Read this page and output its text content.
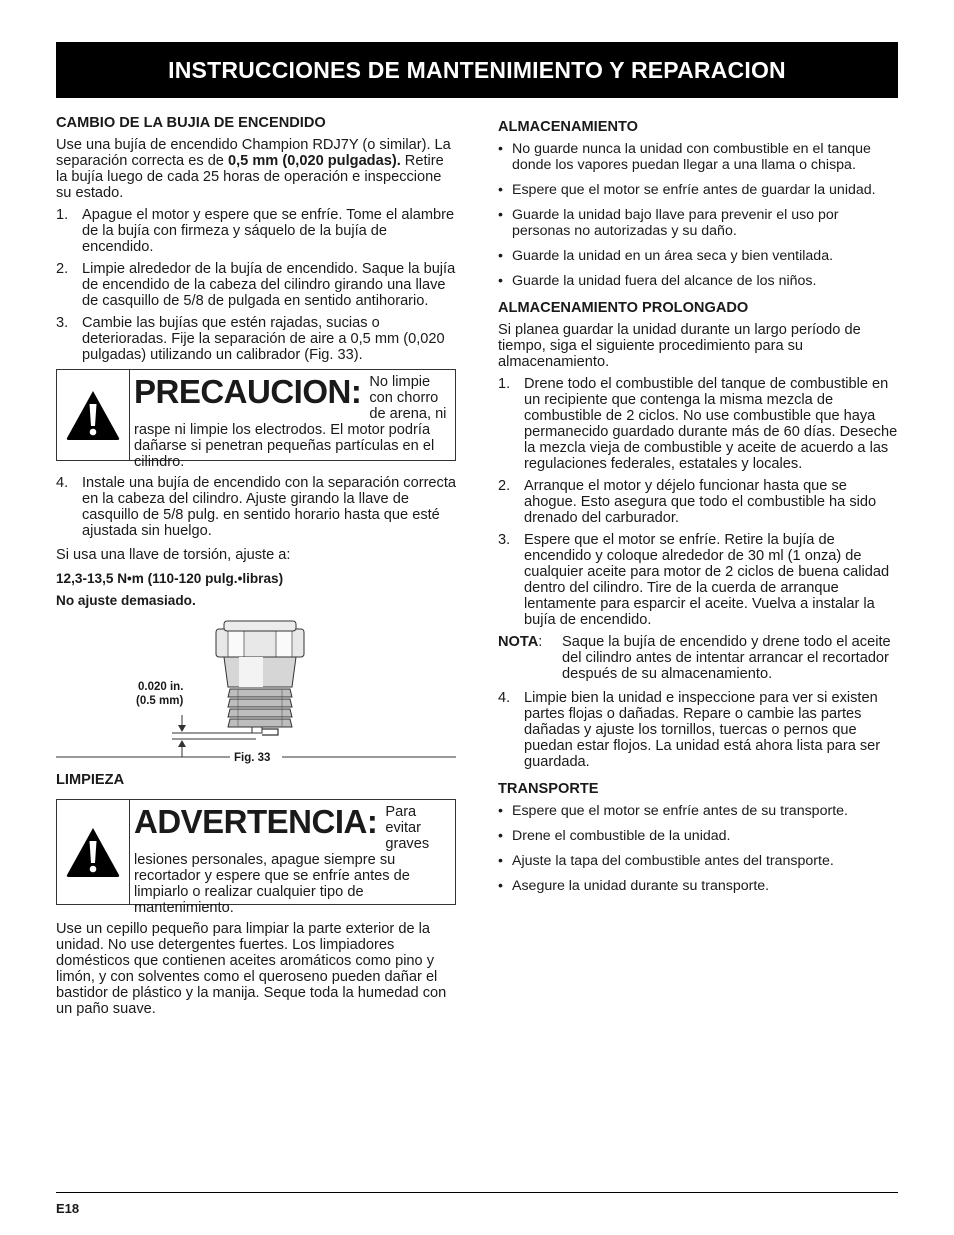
INSTRUCCIONES DE MANTENIMIENTO Y REPARACION
CAMBIO DE LA BUJIA DE ENCENDIDO

Use una bujía de encendido Champion RDJ7Y (o similar). La separación correcta es de 0,5 mm (0,020 pulgadas). Retire la bujía luego de cada 25 horas de operación e inspeccione su estado.

1. Apague el motor y espere que se enfríe. Tome el alambre de la bujía con firmeza y sáquelo de la bujía de encendido.
2. Limpie alrededor de la bujía de encendido. Saque la bujía de encendido de la cabeza del cilindro girando una llave de casquillo de 5/8 de pulgada en sentido antihorario.
3. Cambie las bujías que estén rajadas, sucias o deterioradas. Fije la separación de aire a 0,5 mm (0,020 pulgadas) utilizando un calibrador (Fig. 33).
PRECAUCION: No limpie con chorro de arena, ni raspe ni limpie los electrodos. El motor podría dañarse si penetran pequeñas partículas en el cilindro.
4. Instale una bujía de encendido con la separación correcta en la cabeza del cilindro. Ajuste girando la llave de casquillo de 5/8 pulg. en sentido horario hasta que esté ajustada sin huelgo.

Si usa una llave de torsión, ajuste a:

12,3-13,5 N•m (110-120 pulg.•libras)

No ajuste demasiado.

0.020 in.
(0.5 mm)
Fig. 33
LIMPIEZA
ADVERTENCIA: Para evitar graves lesiones personales, apague siempre su recortador y espere que se enfríe antes de limpiarlo o realizar cualquier tipo de mantenimiento.

Use un cepillo pequeño para limpiar la parte exterior de la unidad. No use detergentes fuertes. Los limpiadores domésticos que contienen aceites aromáticos como pino y limón, y con solventes como el queroseno pueden dañar el bastidor de plástico y la manija. Seque toda la humedad con un paño suave.

ALMACENAMIENTO
• No guarde nunca la unidad con combustible en el tanque donde los vapores puedan llegar a una llama o chispa.
• Espere que el motor se enfríe antes de guardar la unidad.
• Guarde la unidad bajo llave para prevenir el uso por personas no autorizadas y su daño.
• Guarde la unidad en un área seca y bien ventilada.
• Guarde la unidad fuera del alcance de los niños.
ALMACENAMIENTO PROLONGADO

Si planea guardar la unidad durante un largo período de tiempo, siga el siguiente procedimiento para su almacenamiento.

1. Drene todo el combustible del tanque de combustible en un recipiente que contenga la misma mezcla de combustible de 2 ciclos. No use combustible que haya permanecido guardado durante más de 60 días. Deseche la mezcla vieja de combustible y aceite de acuerdo a las regulaciones federales, estatales y locales.
2. Arranque el motor y déjelo funcionar hasta que se ahogue. Esto asegura que todo el combustible ha sido drenado del carburador.
3. Espere que el motor se enfríe. Retire la bujía de encendido y coloque alrededor de 30 ml (1 onza) de cualquier aceite para motor de 2 ciclos de buena calidad dentro del cilindro. Tire de la cuerda de arranque lentamente para esparcir el aceite. Vuelva a instalar la bujía de encendido.
NOTA:	Saque la bujía de encendido y drene todo el aceite del cilindro antes de intentar arrancar el recortador después de su almacenamiento.
4. Limpie bien la unidad e inspeccione para ver si existen partes flojas o dañadas. Repare o cambie las partes dañadas y ajuste los tornillos, tuercas o pernos que puedan estar flojos. La unidad está ahora lista para ser guardada.
TRANSPORTE
• Espere que el motor se enfríe antes de su transporte.
• Drene el combustible de la unidad.
• Ajuste la tapa del combustible antes del transporte.
• Asegure la unidad durante su transporte.
E18
